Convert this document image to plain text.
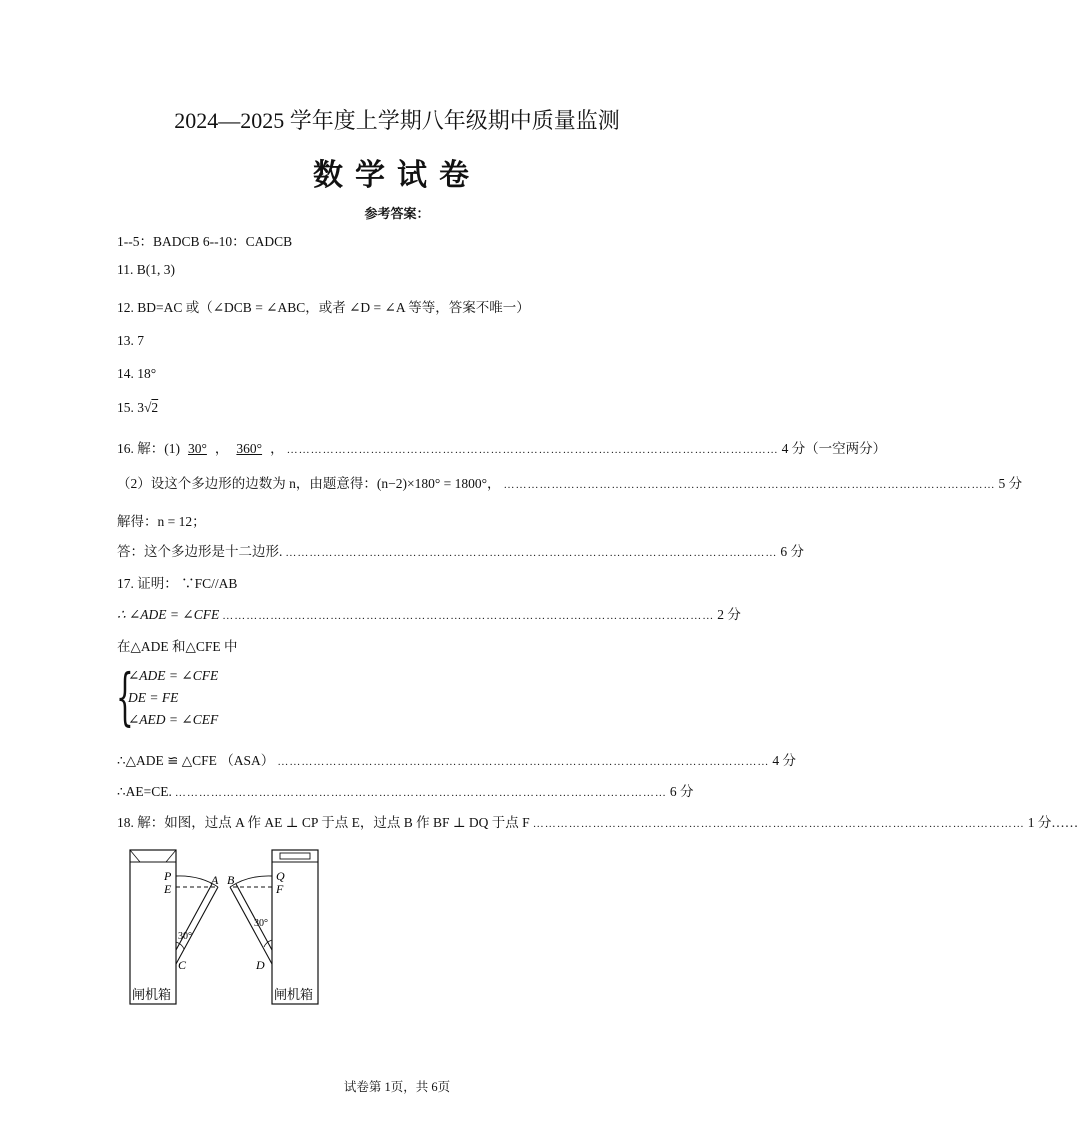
2024—2025 学年度上学期八年级期中质量监测
数学试卷
参考答案：
1--5：BADCB 6--10：CADCB
11. B(1, 3)
12. BD=AC 或（∠DCB = ∠ABC，或者 ∠D = ∠A 等等，答案不唯一）
13. 7
14. 18°
15. 3√2
16. 解：(1) 30° ， 360° ， …………………………………………………………………………………………………………… 4 分（一空两分）
（2）设这个多边形的边数为 n，由题意得：(n−2)×180° = 1800°， …………………………………………………………………………………………………………… 5 分
解得：n = 12；
答：这个多边形是十二边形. …………………………………………………………………………………………………………… 6 分
17. 证明： ∵FC//AB
∴ ∠ADE = ∠CFE …………………………………………………………………………………………………………… 2 分
在△ADE 和△CFE 中
{
∠ADE = ∠CFE
DE = FE
∠AED = ∠CEF
∴△ADE ≌ △CFE （ASA） …………………………………………………………………………………………………………… 4 分
∴AE=CE. …………………………………………………………………………………………………………… 6 分
18. 解：如图，过点 A 作 AE ⊥ CP 于点 E，过点 B 作 BF ⊥ DQ 于点 F …………………………………………………………………………………………………………… 1 分……
P
E
A
30°
C
闸机箱
B	Q
F
30°
D
闸机箱
试卷第 1页，共 6页
